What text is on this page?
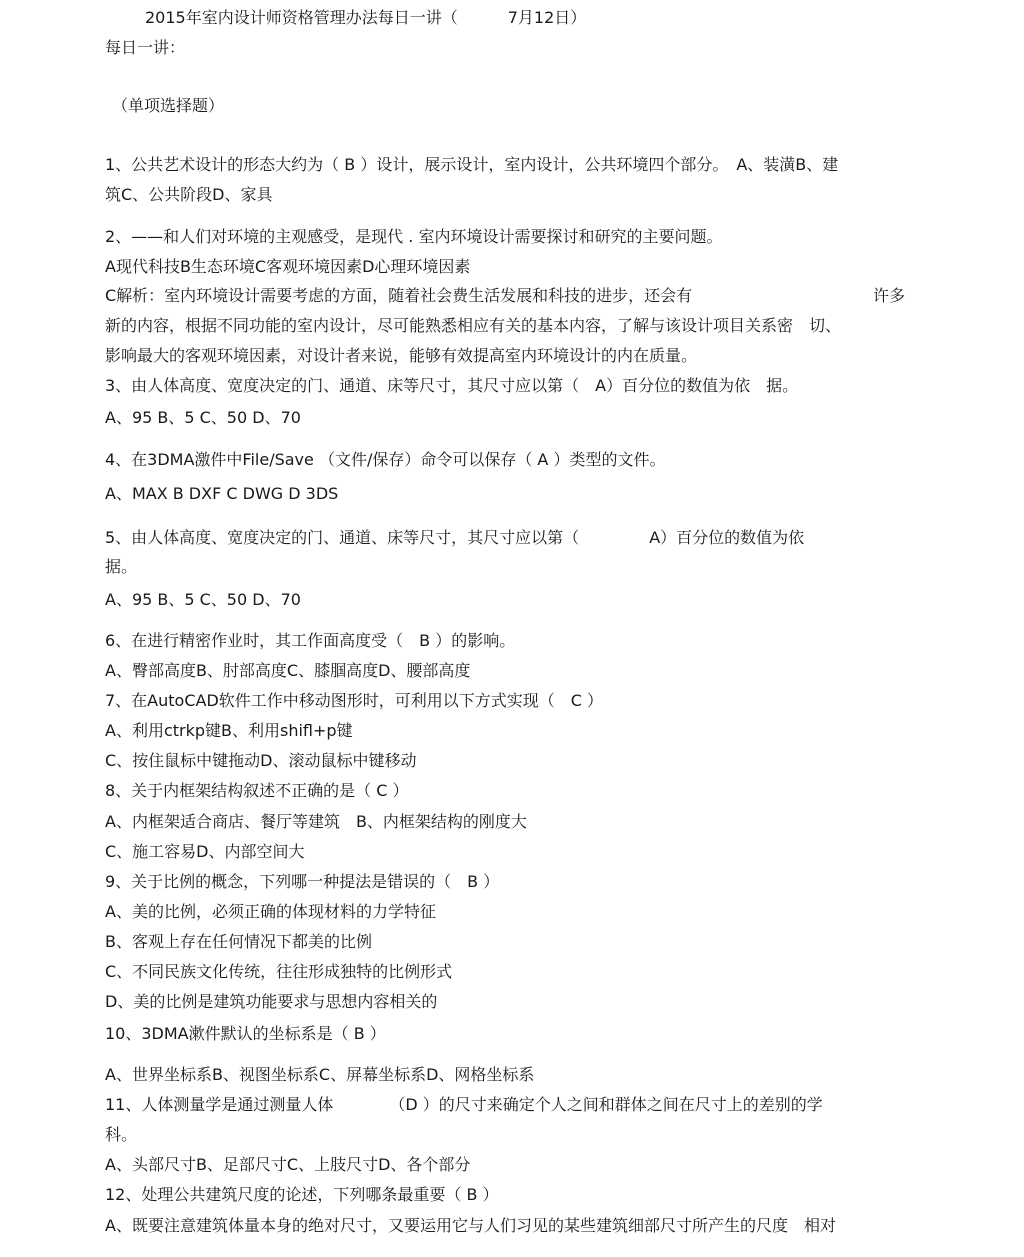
2015年室内设计师资格管理办法每日一讲（	7月12日）
每日一讲：
（单项选择题）
1、公共艺术设计的形态大约为（ B ）设计，展示设计，室内设计，公共环境四个部分。　A、装潢B、建
筑C、公共阶段D、家具
2、——和人们对环境的主观感受，是现代 . 室内环境设计需要探讨和研究的主要问题。
A现代科技B生态环境C客观环境因素D心理环境因素
C解析：室内环境设计需要考虑的方面，随着社会费生活发展和科技的进步，还会有	许多
新的内容，根据不同功能的室内设计，尽可能熟悉相应有关的基本内容，了解与该设计项目关系密　切、
影响最大的客观环境因素，对设计者来说，能够有效提高室内环境设计的内在质量。
3、由人体高度、宽度决定的门、通道、床等尺寸，其尺寸应以第（　A）百分位的数值为依　据。
A、95 B、5 C、50 D、70
4、在3DMA激件中File/Save （文件/保存）命令可以保存（ A ）类型的文件。
A、MAX B DXF C DWG D 3DS
5、由人体高度、宽度决定的门、通道、床等尺寸，其尺寸应以第（	A）百分位的数值为依
据。
A、95 B、5 C、50 D、70
6、在进行精密作业时，其工作面高度受（　B ）的影响。
A、臀部高度B、肘部高度C、膝腘高度D、腰部高度
7、在AutoCAD软件工作中移动图形时，可利用以下方式实现（　C ）
A、利用ctrkp键B、利用shifl+p键
C、按住鼠标中键拖动D、滚动鼠标中键移动
8、关于内框架结构叙述不正确的是（ C ）
A、内框架适合商店、餐厅等建筑　B、内框架结构的刚度大
C、施工容易D、内部空间大
9、关于比例的概念，下列哪一种提法是错误的（　B ）
A、美的比例，必须正确的体现材料的力学特征
B、客观上存在任何情况下都美的比例
C、不同民族文化传统，往往形成独特的比例形式
D、美的比例是建筑功能要求与思想内容相关的
10、3DMA漱件默认的坐标系是（ B ）
A、世界坐标系B、视图坐标系C、屏幕坐标系D、网格坐标系
11、人体测量学是通过测量人体	（D ）的尺寸来确定个人之间和群体之间在尺寸上的差别的学
科。
A、头部尺寸B、足部尺寸C、上肢尺寸D、各个部分
12、处理公共建筑尺度的论述，下列哪条最重要（ B ）
A、既要注意建筑体量本身的绝对尺寸，又要运用它与人们习见的某些建筑细部尺寸所产生的尺度　相对
